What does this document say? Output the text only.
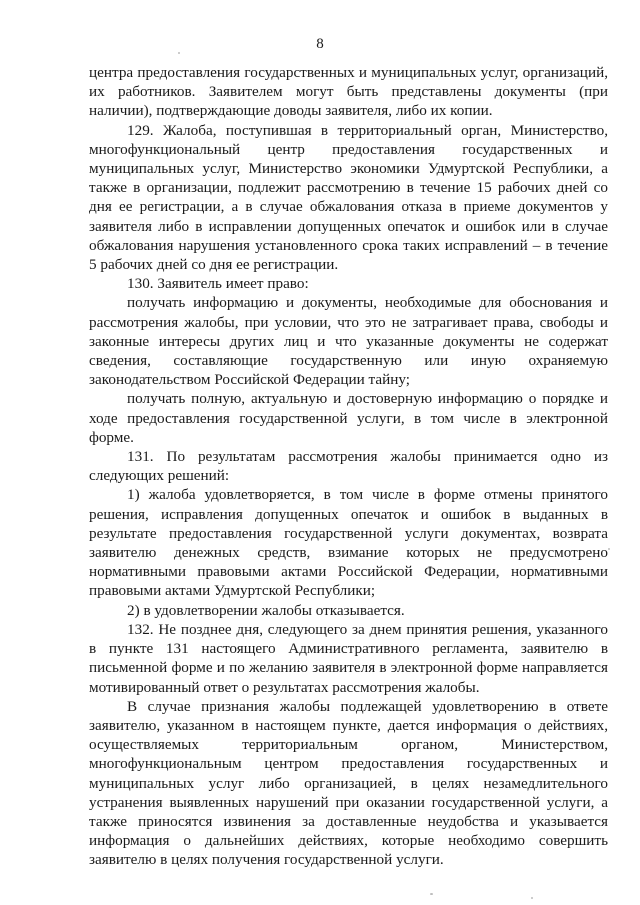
8

центра предоставления государственных и муниципальных услуг, организаций, их работников. Заявителем могут быть представлены документы (при наличии), подтверждающие доводы заявителя, либо их копии.

129. Жалоба, поступившая в территориальный орган, Министерство, многофункциональный центр предоставления государственных и муниципальных услуг, Министерство экономики Удмуртской Республики, а также в организации, подлежит рассмотрению в течение 15 рабочих дней со дня ее регистрации, а в случае обжалования отказа в приеме документов у заявителя либо в исправлении допущенных опечаток и ошибок или в случае обжалования нарушения установленного срока таких исправлений – в течение 5 рабочих дней со дня ее регистрации.

130. Заявитель имеет право:

получать информацию и документы, необходимые для обоснования и рассмотрения жалобы, при условии, что это не затрагивает права, свободы и законные интересы других лиц и что указанные документы не содержат сведения, составляющие государственную или иную охраняемую законодательством Российской Федерации тайну;

получать полную, актуальную и достоверную информацию о порядке и ходе предоставления государственной услуги, в том числе в электронной форме.

131. По результатам рассмотрения жалобы принимается одно из следующих решений:

1) жалоба удовлетворяется, в том числе в форме отмены принятого решения, исправления допущенных опечаток и ошибок в выданных в результате предоставления государственной услуги документах, возврата заявителю денежных средств, взимание которых не предусмотрено нормативными правовыми актами Российской Федерации, нормативными правовыми актами Удмуртской Республики;

2) в удовлетворении жалобы отказывается.

132. Не позднее дня, следующего за днем принятия решения, указанного в пункте 131 настоящего Административного регламента, заявителю в письменной форме и по желанию заявителя в электронной форме направляется мотивированный ответ о результатах рассмотрения жалобы.

В случае признания жалобы подлежащей удовлетворению в ответе заявителю, указанном в настоящем пункте, дается информация о действиях, осуществляемых территориальным органом, Министерством, многофункциональным центром предоставления государственных и муниципальных услуг либо организацией, в целях незамедлительного устранения выявленных нарушений при оказании государственной услуги, а также приносятся извинения за доставленные неудобства и указывается информация о дальнейших действиях, которые необходимо совершить заявителю в целях получения государственной услуги.
